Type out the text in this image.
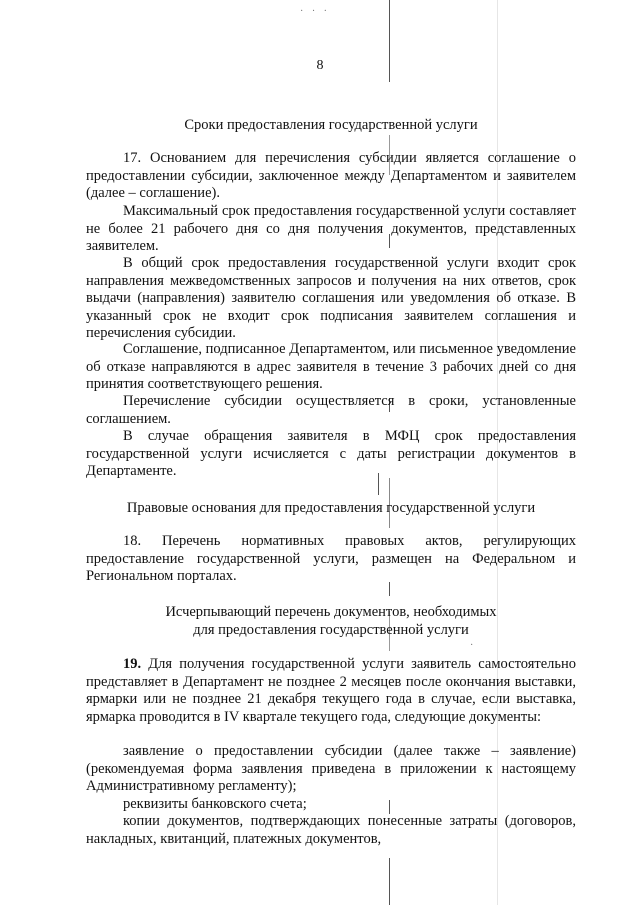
· · ·
·
8
Сроки предоставления государственной услуги

17. Основанием для перечисления субсидии является соглашение о предоставлении субсидии, заключенное между Департаментом и заявителем (далее – соглашение).

Максимальный срок предоставления государственной услуги составляет не более 21 рабочего дня со дня получения документов, представленных заявителем.

В общий срок предоставления государственной услуги входит срок направления межведомственных запросов и получения на них ответов, срок выдачи (направления) заявителю соглашения или уведомления об отказе. В указанный срок не входит срок подписания заявителем соглашения и перечисления субсидии.

Соглашение, подписанное Департаментом, или письменное уведомление об отказе направляются в адрес заявителя в течение 3 рабочих дней со дня принятия соответствующего решения.

Перечисление субсидии осуществляется в сроки, установленные соглашением.

В случае обращения заявителя в МФЦ срок предоставления государственной услуги исчисляется с даты регистрации документов в Департаменте.

Правовые основания для предоставления государственной услуги

18. Перечень нормативных правовых актов, регулирующих предоставление государственной услуги, размещен на Федеральном и Региональном порталах.

Исчерпывающий перечень документов, необходимых
для предоставления государственной услуги

19. Для получения государственной услуги заявитель самостоятельно представляет в Департамент не позднее 2 месяцев после окончания выставки, ярмарки или не позднее 21 декабря текущего года в случае, если выставка, ярмарка проводится в IV квартале текущего года, следующие документы:

заявление о предоставлении субсидии (далее также – заявление) (рекомендуемая форма заявления приведена в приложении к настоящему Административному регламенту);

реквизиты банковского счета;

копии документов, подтверждающих понесенные затраты (договоров, накладных, квитанций, платежных документов,
